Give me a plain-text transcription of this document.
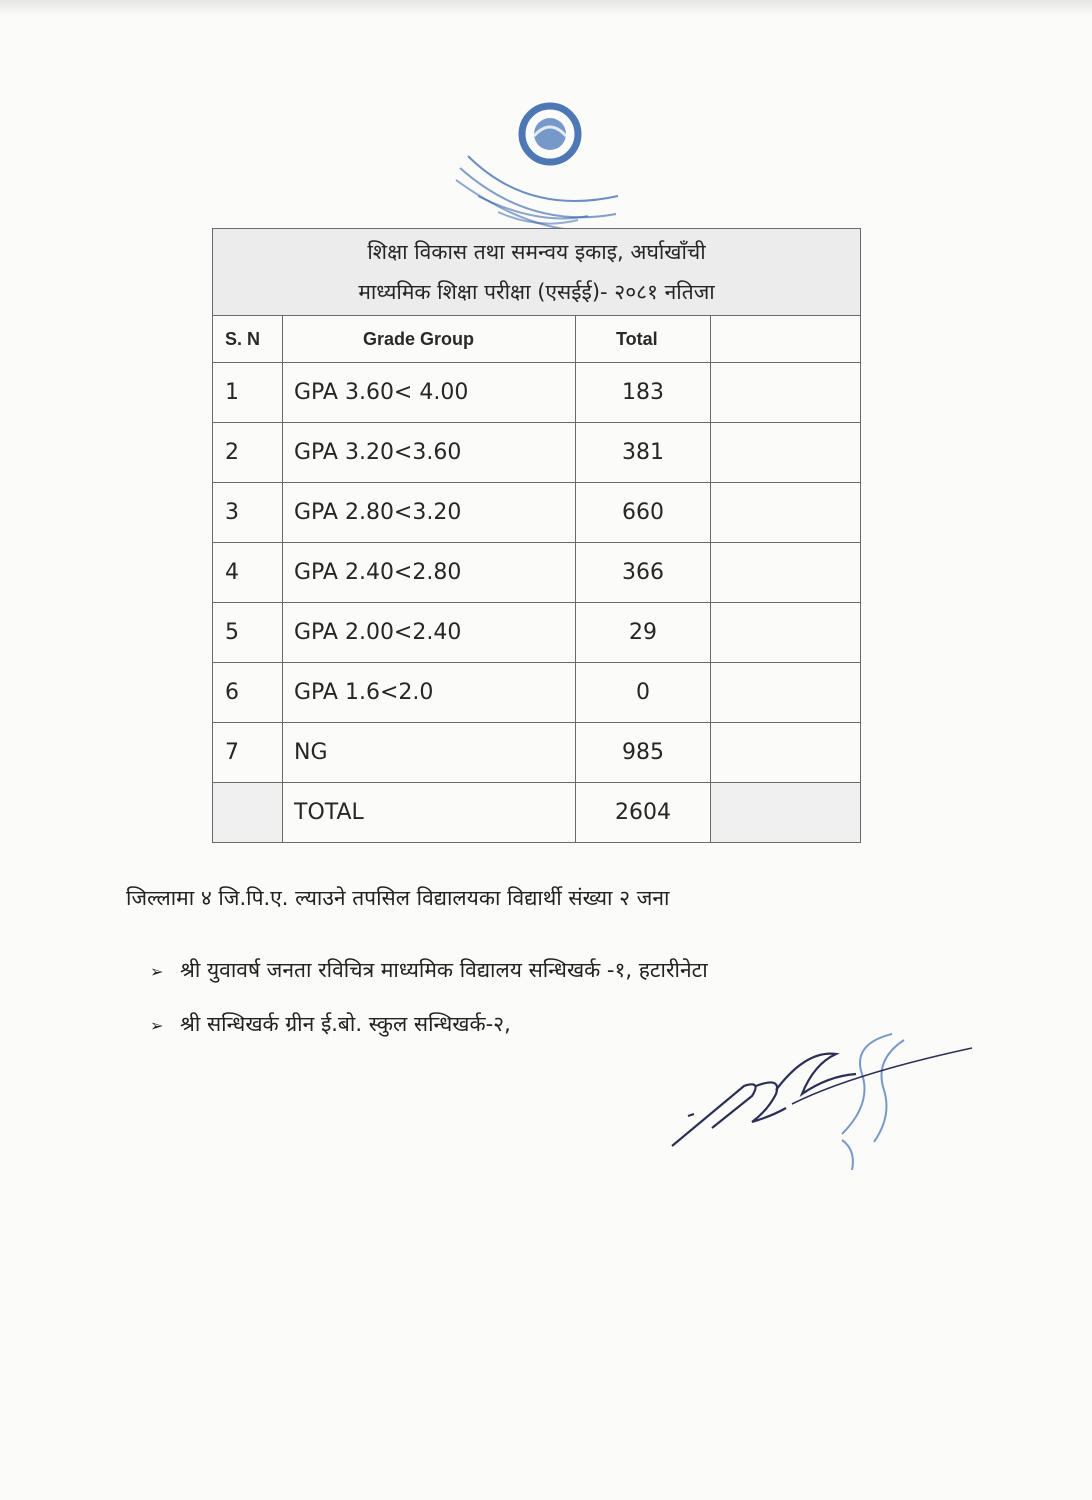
शिक्षा विकास तथा समन्वय इकाइ, अर्घाखाँची
माध्यमिक शिक्षा परीक्षा (एसईई)- २०८१ नतिजा			

S. N	Grade Group	Total	
1	GPA 3.60< 4.00	183	
2	GPA 3.20<3.60	381	
3	GPA 2.80<3.20	660	
4	GPA 2.40<2.80	366	
5	GPA 2.00<2.40	29	
6	GPA 1.6<2.0	0	
7	NG	985	
	TOTAL	2604	
जिल्लामा ४ जि.पि.ए. ल्याउने तपसिल विद्यालयका विद्यार्थी संख्या २ जना
➢ श्री युवावर्ष जनता रविचित्र माध्यमिक विद्यालय सन्धिखर्क -१, हटारीनेटा
➢ श्री सन्धिखर्क ग्रीन ई.बो. स्कुल सन्धिखर्क-२,
